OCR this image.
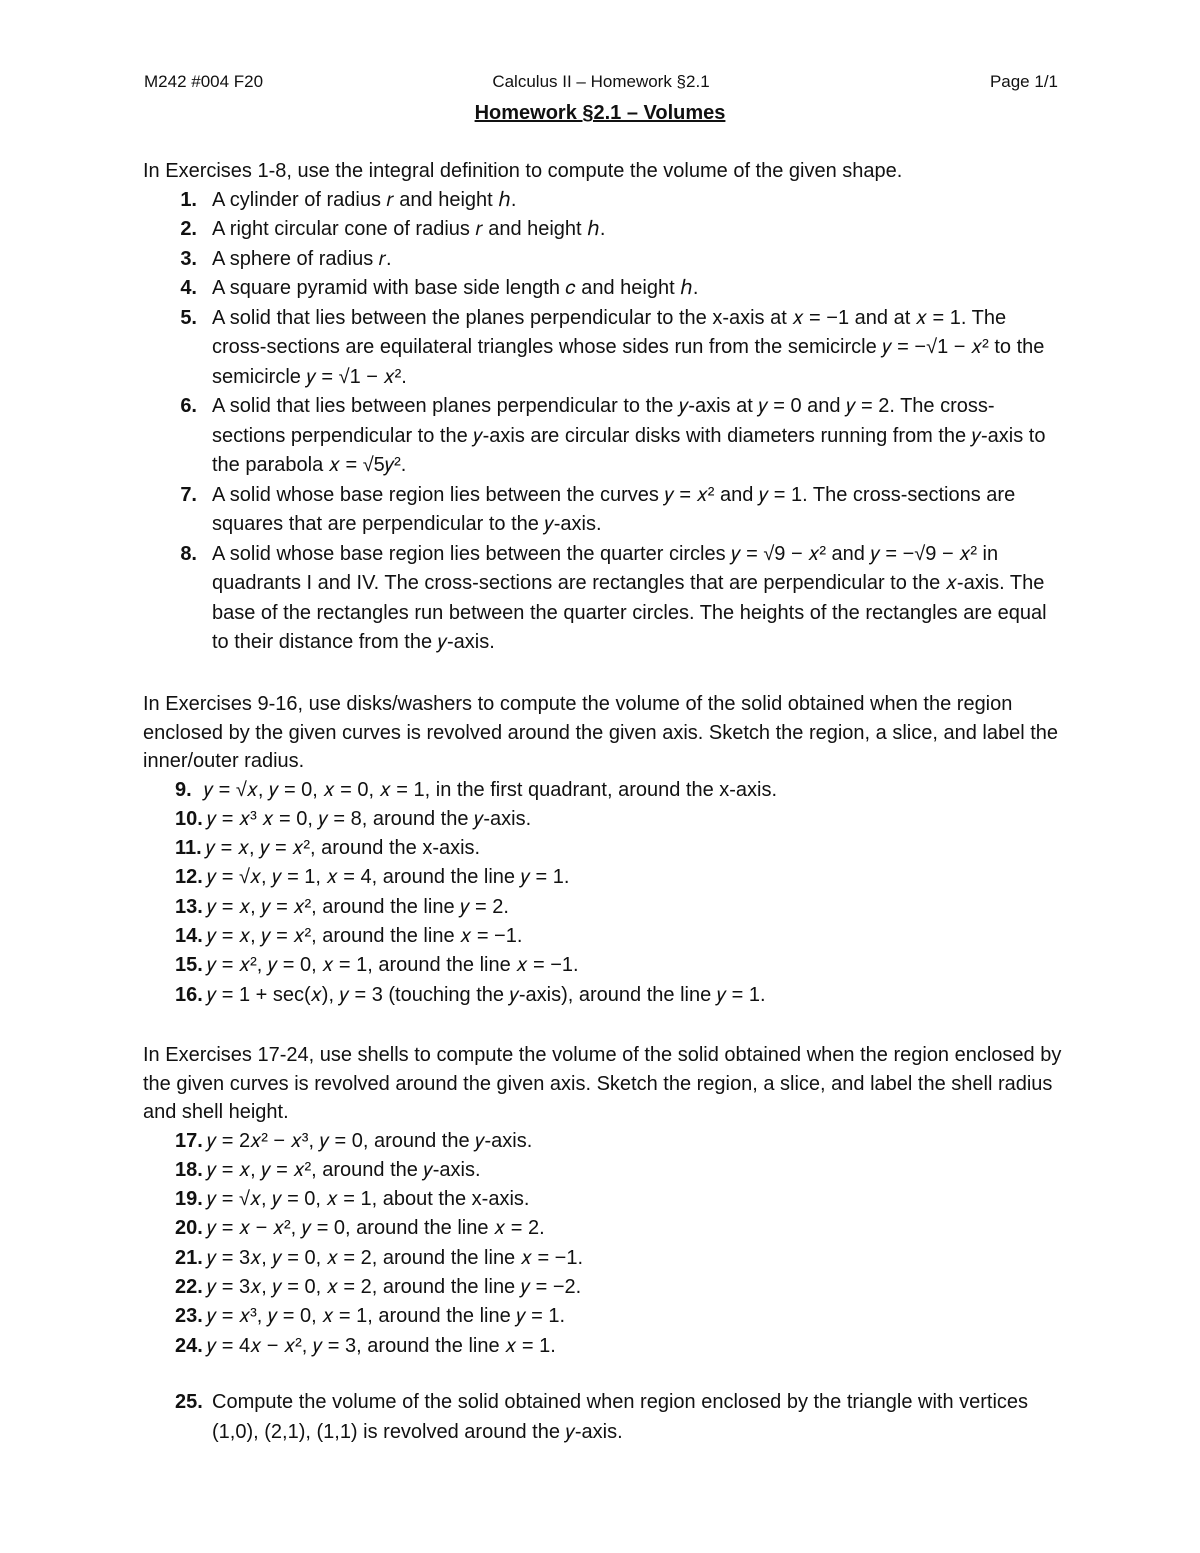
M242 #004 F20	Calculus II – Homework §2.1	Page 1/1
Homework §2.1 – Volumes

In Exercises 1-8, use the integral definition to compute the volume of the given shape.

1. A cylinder of radius 𝑟 and height ℎ.
2. A right circular cone of radius 𝑟 and height ℎ.
3. A sphere of radius 𝑟.
4. A square pyramid with base side length 𝑐 and height ℎ.
5. A solid that lies between the planes perpendicular to the x-axis at 𝑥 = −1 and at 𝑥 = 1. The cross-sections are equilateral triangles whose sides run from the semicircle 𝑦 = −√1 − 𝑥² to the semicircle 𝑦 = √1 − 𝑥².
6. A solid that lies between planes perpendicular to the 𝑦-axis at 𝑦 = 0 and 𝑦 = 2. The cross-sections perpendicular to the 𝑦-axis are circular disks with diameters running from the 𝑦-axis to the parabola 𝑥 = √5𝑦².
7. A solid whose base region lies between the curves 𝑦 = 𝑥² and 𝑦 = 1. The cross-sections are squares that are perpendicular to the 𝑦-axis.
8. A solid whose base region lies between the quarter circles 𝑦 = √9 − 𝑥² and 𝑦 = −√9 − 𝑥² in quadrants I and IV. The cross-sections are rectangles that are perpendicular to the 𝑥-axis. The base of the rectangles run between the quarter circles. The heights of the rectangles are equal to their distance from the 𝑦-axis.

In Exercises 9-16, use disks/washers to compute the volume of the solid obtained when the region enclosed by the given curves is revolved around the given axis. Sketch the region, a slice, and label the inner/outer radius.

9. 𝑦 = √𝑥, 𝑦 = 0, 𝑥 = 0, 𝑥 = 1, in the first quadrant, around the x-axis.
10. 𝑦 = 𝑥³ 𝑥 = 0, 𝑦 = 8, around the 𝑦-axis.
11. 𝑦 = 𝑥, 𝑦 = 𝑥², around the x-axis.
12. 𝑦 = √𝑥, 𝑦 = 1, 𝑥 = 4, around the line 𝑦 = 1.
13. 𝑦 = 𝑥, 𝑦 = 𝑥², around the line 𝑦 = 2.
14. 𝑦 = 𝑥, 𝑦 = 𝑥², around the line 𝑥 = −1.
15. 𝑦 = 𝑥², 𝑦 = 0, 𝑥 = 1, around the line 𝑥 = −1.
16. 𝑦 = 1 + sec(𝑥), 𝑦 = 3 (touching the 𝑦-axis), around the line 𝑦 = 1.

In Exercises 17-24, use shells to compute the volume of the solid obtained when the region enclosed by the given curves is revolved around the given axis. Sketch the region, a slice, and label the shell radius and shell height.

17. 𝑦 = 2𝑥² − 𝑥³, 𝑦 = 0, around the 𝑦-axis.
18. 𝑦 = 𝑥, 𝑦 = 𝑥², around the 𝑦-axis.
19. 𝑦 = √𝑥, 𝑦 = 0, 𝑥 = 1, about the x-axis.
20. 𝑦 = 𝑥 − 𝑥², 𝑦 = 0, around the line 𝑥 = 2.
21. 𝑦 = 3𝑥, 𝑦 = 0, 𝑥 = 2, around the line 𝑥 = −1.
22. 𝑦 = 3𝑥, 𝑦 = 0, 𝑥 = 2, around the line 𝑦 = −2.
23. 𝑦 = 𝑥³, 𝑦 = 0, 𝑥 = 1, around the line 𝑦 = 1.
24. 𝑦 = 4𝑥 − 𝑥², 𝑦 = 3, around the line 𝑥 = 1.
25. Compute the volume of the solid obtained when region enclosed by the triangle with vertices (1,0), (2,1), (1,1) is revolved around the 𝑦-axis.
